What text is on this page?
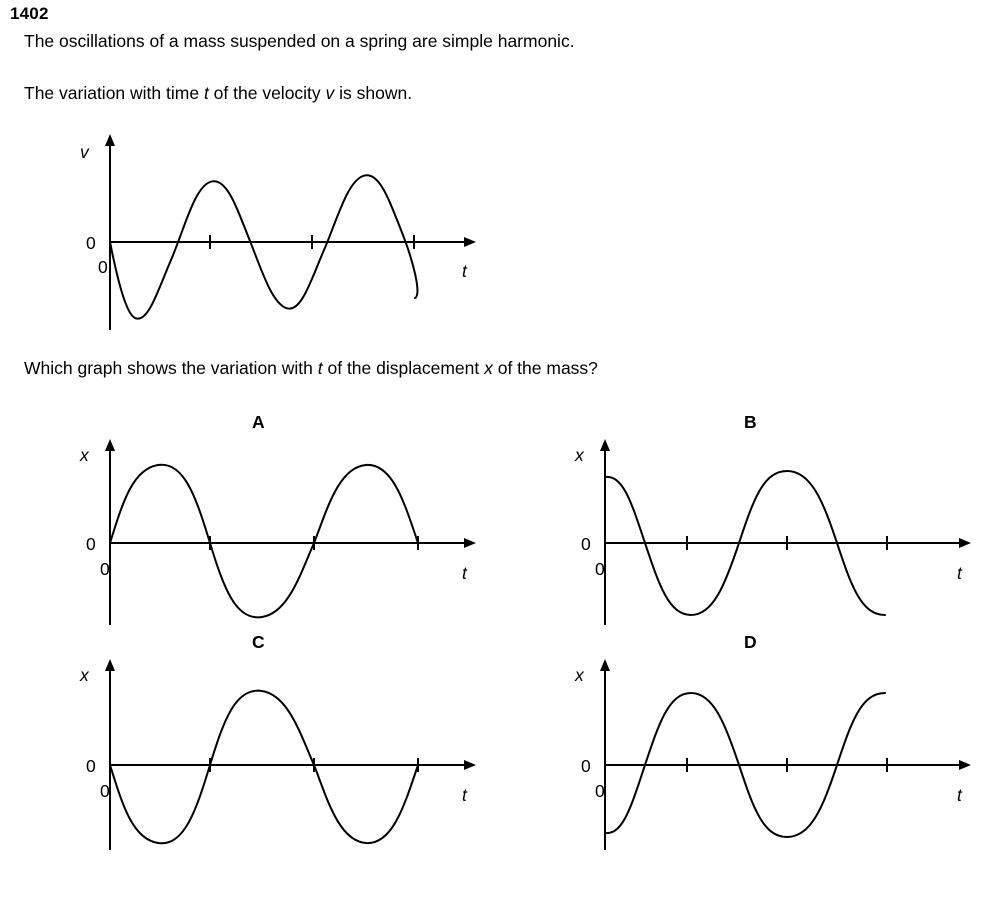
1402
The oscillations of a mass suspended on a spring are simple harmonic.
The variation with time t of the velocity v is shown.
v
0
0	t
Which graph shows the variation with t of the displacement x of the mass?
A	B
C	D
x
0
0	t
x
0
0	t
x
0
0	t
x
0
0	t
